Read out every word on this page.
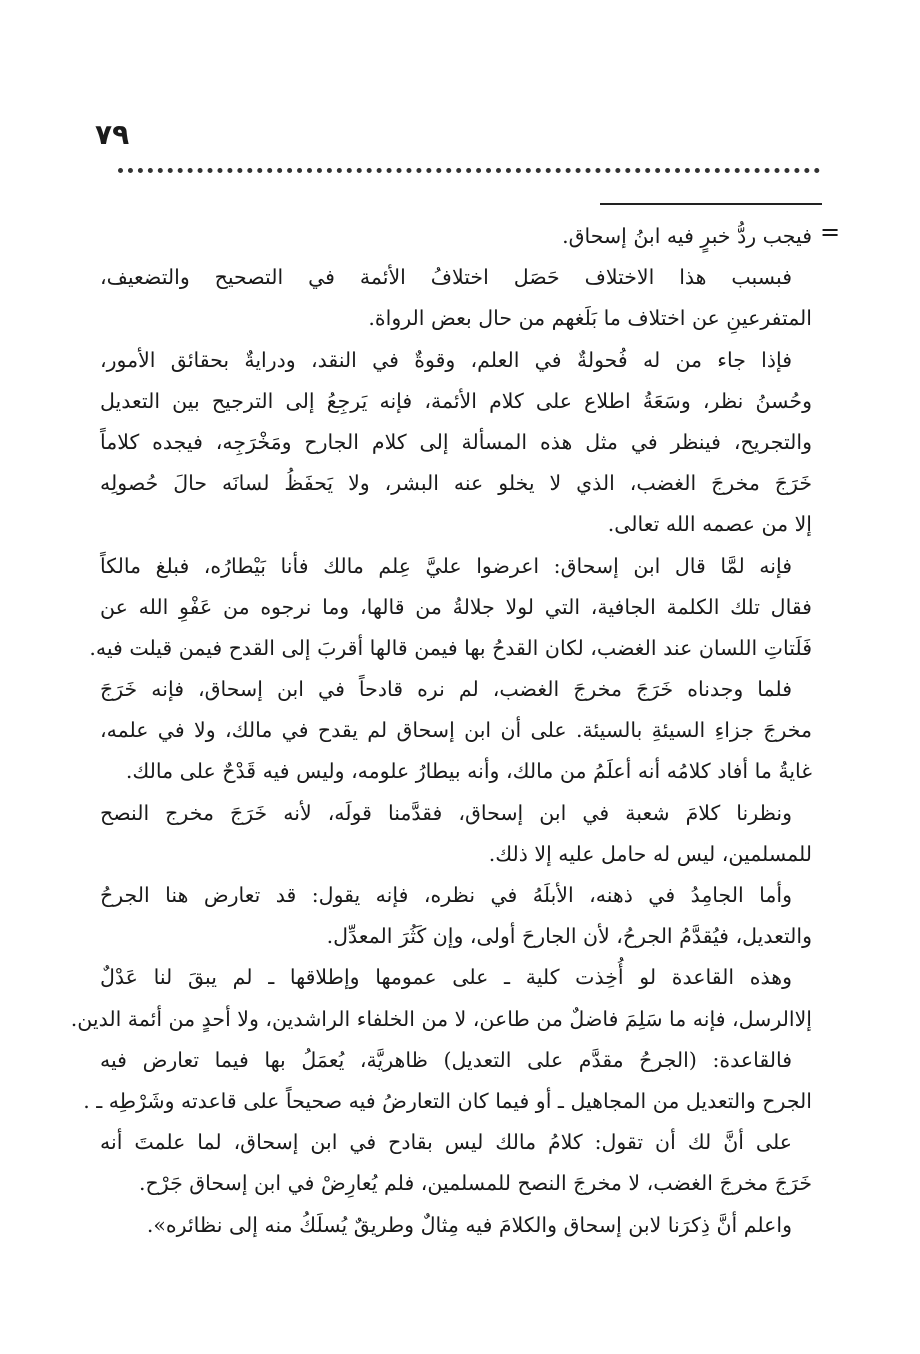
٧٩
=
فيجب ردُّ خبرٍ فيه ابنُ إسحاق.
فبسبب هذا الاختلاف حَصَل اختلافُ الأئمة في التصحيح والتضعيف،
المتفرعينِ عن اختلاف ما بَلَغهم من حال بعض الرواة.
فإذا جاء من له فُحولةٌ في العلم، وقوةٌ في النقد، ودرايةٌ بحقائق الأمور،
وحُسنُ نظر، وسَعَةُ اطلاع على كلام الأئمة، فإنه يَرجِعُ إلى الترجيح بين التعديل
والتجريح، فينظر في مثل هذه المسألة إلى كلام الجارح ومَخْرَجِه، فيجده كلاماً
خَرَجَ مخرجَ الغضب، الذي لا يخلو عنه البشر، ولا يَحفَظُ لسانَه حالَ حُصولِه
إلا من عصمه الله تعالى.
فإنه لمَّا قال ابن إسحاق: اعرضوا عليَّ عِلم مالك فأنا بَيْطارُه، فبلغ مالكاً
فقال تلك الكلمة الجافية، التي لولا جلالةُ من قالها، وما نرجوه من عَفْوِ الله عن
فَلَتاتِ اللسان عند الغضب، لكان القدحُ بها فيمن قالها أقربَ إلى القدح فيمن قيلت فيه.
فلما وجدناه خَرَجَ مخرجَ الغضب، لم نره قادحاً في ابن إسحاق، فإنه خَرَجَ
مخرجَ جزاءِ السيئةِ بالسيئة. على أن ابن إسحاق لم يقدح في مالك، ولا في علمه،
غايةُ ما أفاد كلامُه أنه أعلَمُ من مالك، وأنه بيطارُ علومه، وليس فيه قَدْحٌ على مالك.
ونظرنا كلامَ شعبة في ابن إسحاق، فقدَّمنا قولَه، لأنه خَرَجَ مخرج النصح
للمسلمين، ليس له حامل عليه إلا ذلك.
وأما الجامِدُ في ذهنه، الأبلَهُ في نظره، فإنه يقول: قد تعارض هنا الجرحُ
والتعديل، فيُقدَّمُ الجرحُ، لأن الجارحَ أولى، وإن كَثُرَ المعدِّل.
وهذه القاعدة لو أُخِذت كلية ـ على عمومها وإطلاقها ـ لم يبقَ لنا عَدْلٌ
إلاالرسل، فإنه ما سَلِمَ فاضلٌ من طاعن، لا من الخلفاء الراشدين، ولا أحدٍ من أئمة الدين.
فالقاعدة: (الجرحُ مقدَّم على التعديل) ظاهريَّة، يُعمَلُ بها فيما تعارض فيه
الجرح والتعديل من المجاهيل ـ أو فيما كان التعارضُ فيه صحيحاً على قاعدته وشَرْطِه ـ .
على أنَّ لك أن تقول: كلامُ مالك ليس بقادح في ابن إسحاق، لما علمتَ أنه
خَرَجَ مخرجَ الغضب، لا مخرجَ النصح للمسلمين، فلم يُعارِضْ في ابن إسحاق جَرْح.
واعلم أنَّ ذِكرَنا لابن إسحاق والكلامَ فيه مِثالٌ وطريقٌ يُسلَكُ منه إلى نظائره».
